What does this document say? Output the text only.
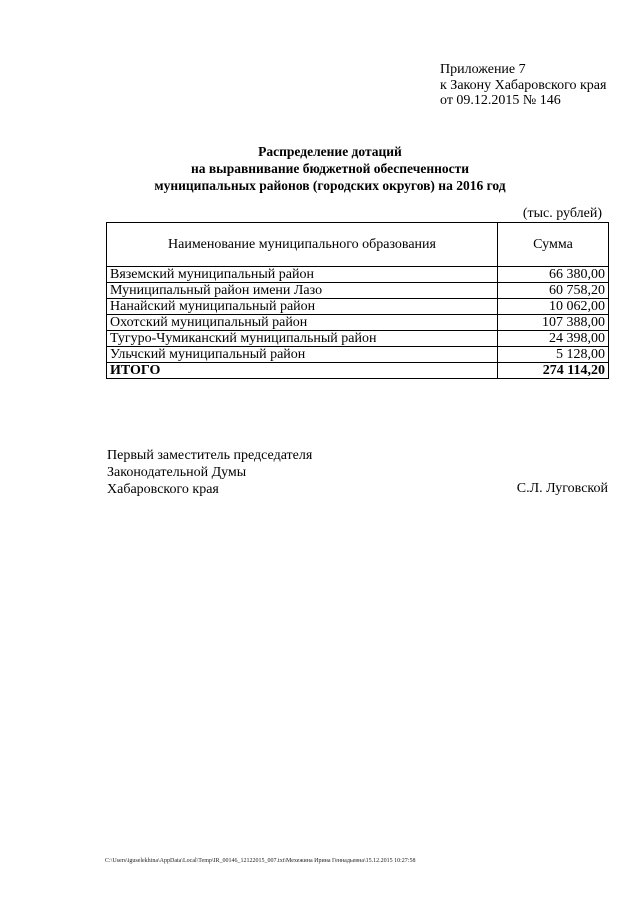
Приложение 7
к Закону Хабаровского края
от 09.12.2015 № 146
Распределение дотаций
на выравнивание бюджетной обеспеченности
муниципальных районов (городских округов) на 2016 год
(тыс. рублей)
Наименование муниципального образования	Сумма
Вяземский муниципальный район	66 380,00
Муниципальный район имени Лазо	60 758,20
Нанайский муниципальный район	10 062,00
Охотский муниципальный район	107 388,00
Тугуро-Чумиканский муниципальный район	24 398,00
Ульчский муниципальный район	5 128,00
ИТОГО	274 114,20
Первый заместитель председателя
Законодательной Думы
Хабаровского края	С.Л. Луговской
C:\Users\iguselekhina\AppData\Local\Temp\IR_00146_12122015_007.txt\Мехежина Ирина Геннадьевна\15.12.2015 10:27:58
